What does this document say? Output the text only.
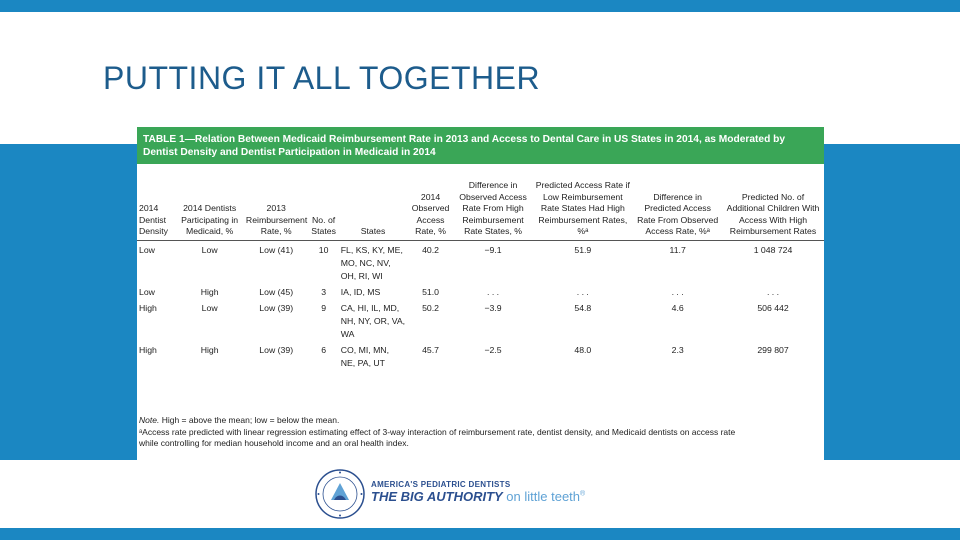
PUTTING IT ALL TOGETHER
TABLE 1—Relation Between Medicaid Reimbursement Rate in 2013 and Access to Dental Care in US States in 2014, as Moderated by Dentist Density and Dentist Participation in Medicaid in 2014
2014 Dentist Density	2014 Dentists Participating in Medicaid, %	2013 Reimbursement Rate, %	No. of States	States	2014 Observed Access Rate, %	Difference in Observed Access Rate From High Reimbursement Rate States, %	Predicted Access Rate if Low Reimbursement Rate States Had High Reimbursement Rates, %ᵃ	Difference in Predicted Access Rate From Observed Access Rate, %ᵃ	Predicted No. of Additional Children With Access With High Reimbursement Rates
Low	Low	Low (41)	10	FL, KS, KY, ME, MO, NC, NV, OH, RI, WI	40.2	−9.1	51.9	11.7	1 048 724
Low	High	Low (45)	3	IA, ID, MS	51.0	. . .	. . .	. . .	. . .
High	Low	Low (39)	9	CA, HI, IL, MD, NH, NY, OR, VA, WA	50.2	−3.9	54.8	4.6	506 442
High	High	Low (39)	6	CO, MI, MN, NE, PA, UT	45.7	−2.5	48.0	2.3	299 807
Note. High = above the mean; low = below the mean.
ᵃAccess rate predicted with linear regression estimating effect of 3-way interaction of reimbursement rate, dentist density, and Medicaid dentists on access rate
while controlling for median household income and an oral health index.
AMERICA'S PEDIATRIC DENTISTS
THE BIG AUTHORITY on little teeth®
